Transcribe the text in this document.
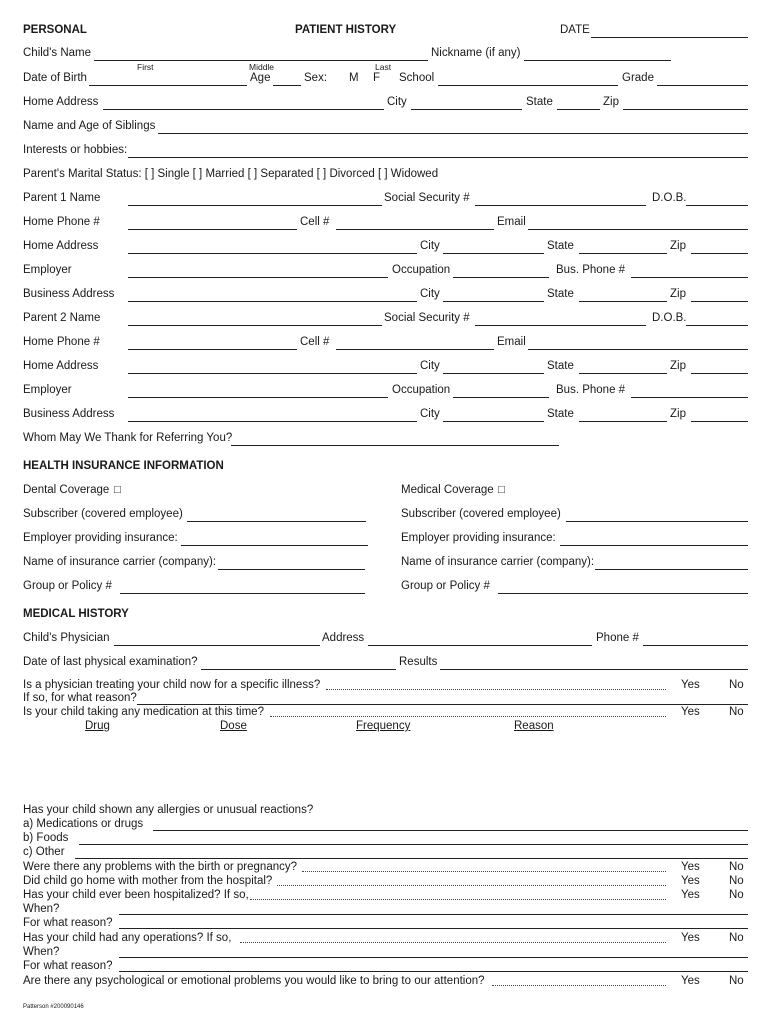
PERSONAL	PATIENT HISTORY	DATE
Child's Name	Nickname (if any)
First	Middle	Last
Date of Birth	Age	Sex: M F School	Grade
Home Address	City	State	Zip
Name and Age of Siblings
Interests or hobbies:
Parent's Marital Status: [ ] Single [ ] Married [ ] Separated [ ] Divorced [ ] Widowed
Parent 1 Name	Social Security #	D.O.B.
Home Phone #	Cell #	Email
Home Address	City	State	Zip
Employer	Occupation	Bus. Phone #
Business Address	City	State	Zip
Parent 2 Name	Social Security #	D.O.B.
Home Phone #	Cell #	Email
Home Address	City	State	Zip
Employer	Occupation	Bus. Phone #
Business Address	City	State	Zip
Whom May We Thank for Referring You?
HEALTH INSURANCE INFORMATION
Dental Coverage □	Medical Coverage □
Subscriber (covered employee)	Subscriber (covered employee)
Employer providing insurance:	Employer providing insurance:
Name of insurance carrier (company):	Name of insurance carrier (company):
Group or Policy #	Group or Policy #
MEDICAL HISTORY
Child's Physician	Address	Phone #
Date of last physical examination?	Results
Is a physician treating your child now for a specific illness?	Yes	No
If so, for what reason?
Is your child taking any medication at this time?	Yes	No
Drug	Dose	Frequency	Reason
Has your child shown any allergies or unusual reactions?
a) Medications or drugs
b) Foods
c) Other
Were there any problems with the birth or pregnancy?	Yes	No
Did child go home with mother from the hospital?	Yes	No
Has your child ever been hospitalized? If so,	Yes	No
When?
For what reason?
Has your child had any operations? If so,	Yes	No
When?
For what reason?
Are there any psychological or emotional problems you would like to bring to our attention?	Yes	No
Patterson #200090146
